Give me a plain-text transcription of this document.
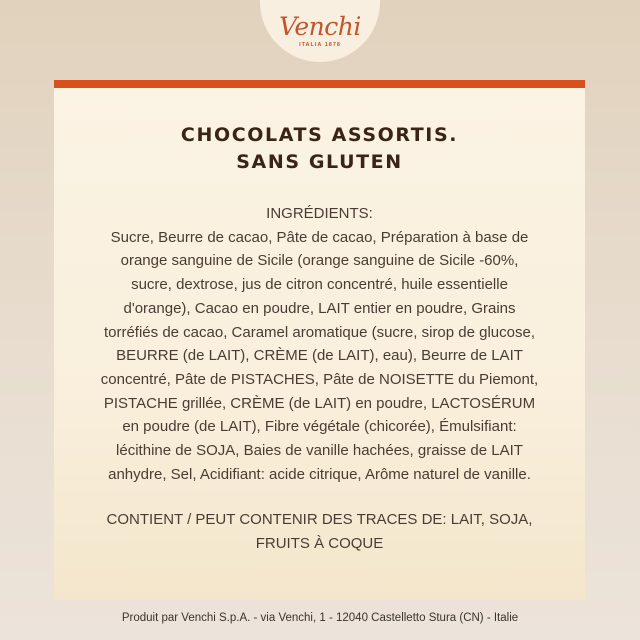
Venchi
ITALIA 1878
CHOCOLATS ASSORTIS.
SANS GLUTEN
INGRÉDIENTS:
Sucre, Beurre de cacao, Pâte de cacao, Préparation à base de
orange sanguine de Sicile (orange sanguine de Sicile -60%,
sucre, dextrose, jus de citron concentré, huile essentielle
d'orange), Cacao en poudre, LAIT entier en poudre, Grains
torréfiés de cacao, Caramel aromatique (sucre, sirop de glucose,
BEURRE (de LAIT), CRÈME (de LAIT), eau), Beurre de LAIT
concentré, Pâte de PISTACHES, Pâte de NOISETTE du Piemont,
PISTACHE grillée, CRÈME (de LAIT) en poudre, LACTOSÉRUM
en poudre (de LAIT), Fibre végétale (chicorée), Émulsifiant:
lécithine de SOJA, Baies de vanille hachées, graisse de LAIT
anhydre, Sel, Acidifiant: acide citrique, Arôme naturel de vanille.
CONTIENT / PEUT CONTENIR DES TRACES DE: LAIT, SOJA,
FRUITS À COQUE
Produit par Venchi S.p.A. - via Venchi, 1 - 12040 Castelletto Stura (CN) - Italie
